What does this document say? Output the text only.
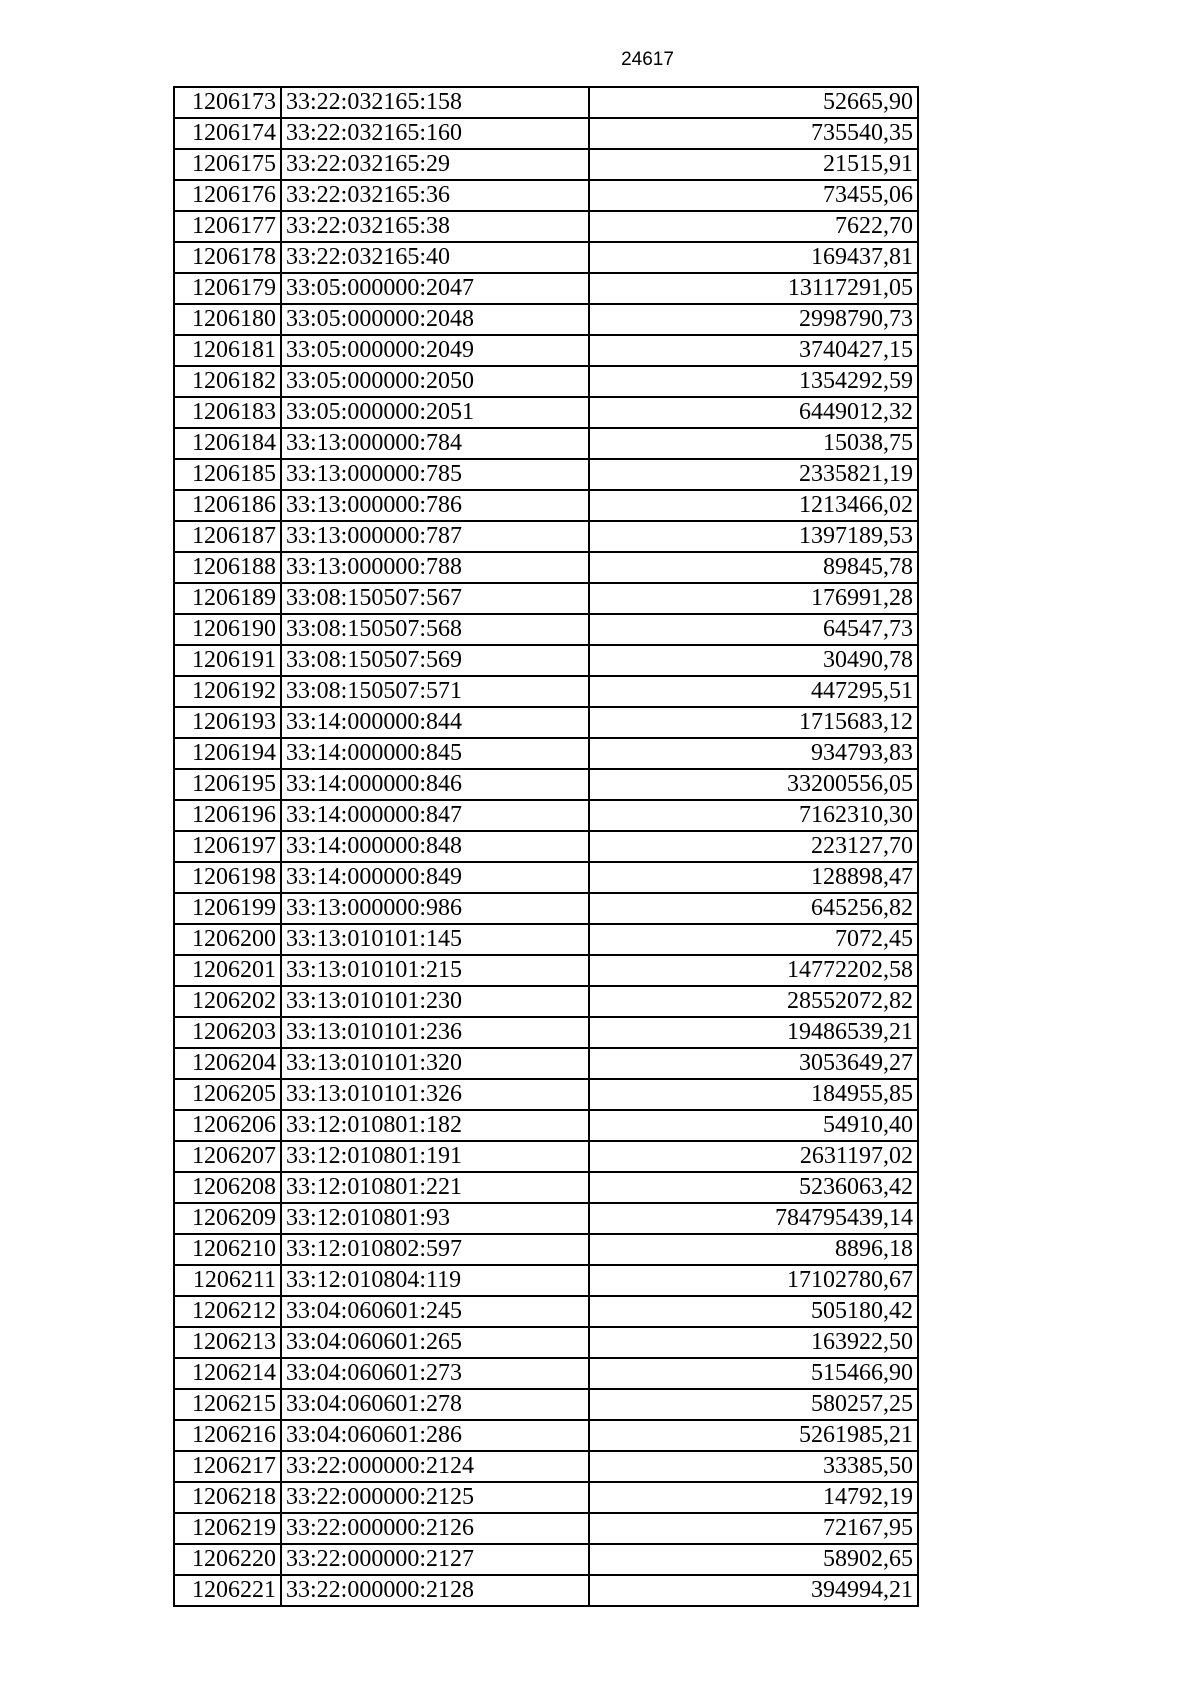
24617
1206173	33:22:032165:158	52665,90
1206174	33:22:032165:160	735540,35
1206175	33:22:032165:29	21515,91
1206176	33:22:032165:36	73455,06
1206177	33:22:032165:38	7622,70
1206178	33:22:032165:40	169437,81
1206179	33:05:000000:2047	13117291,05
1206180	33:05:000000:2048	2998790,73
1206181	33:05:000000:2049	3740427,15
1206182	33:05:000000:2050	1354292,59
1206183	33:05:000000:2051	6449012,32
1206184	33:13:000000:784	15038,75
1206185	33:13:000000:785	2335821,19
1206186	33:13:000000:786	1213466,02
1206187	33:13:000000:787	1397189,53
1206188	33:13:000000:788	89845,78
1206189	33:08:150507:567	176991,28
1206190	33:08:150507:568	64547,73
1206191	33:08:150507:569	30490,78
1206192	33:08:150507:571	447295,51
1206193	33:14:000000:844	1715683,12
1206194	33:14:000000:845	934793,83
1206195	33:14:000000:846	33200556,05
1206196	33:14:000000:847	7162310,30
1206197	33:14:000000:848	223127,70
1206198	33:14:000000:849	128898,47
1206199	33:13:000000:986	645256,82
1206200	33:13:010101:145	7072,45
1206201	33:13:010101:215	14772202,58
1206202	33:13:010101:230	28552072,82
1206203	33:13:010101:236	19486539,21
1206204	33:13:010101:320	3053649,27
1206205	33:13:010101:326	184955,85
1206206	33:12:010801:182	54910,40
1206207	33:12:010801:191	2631197,02
1206208	33:12:010801:221	5236063,42
1206209	33:12:010801:93	784795439,14
1206210	33:12:010802:597	8896,18
1206211	33:12:010804:119	17102780,67
1206212	33:04:060601:245	505180,42
1206213	33:04:060601:265	163922,50
1206214	33:04:060601:273	515466,90
1206215	33:04:060601:278	580257,25
1206216	33:04:060601:286	5261985,21
1206217	33:22:000000:2124	33385,50
1206218	33:22:000000:2125	14792,19
1206219	33:22:000000:2126	72167,95
1206220	33:22:000000:2127	58902,65
1206221	33:22:000000:2128	394994,21
